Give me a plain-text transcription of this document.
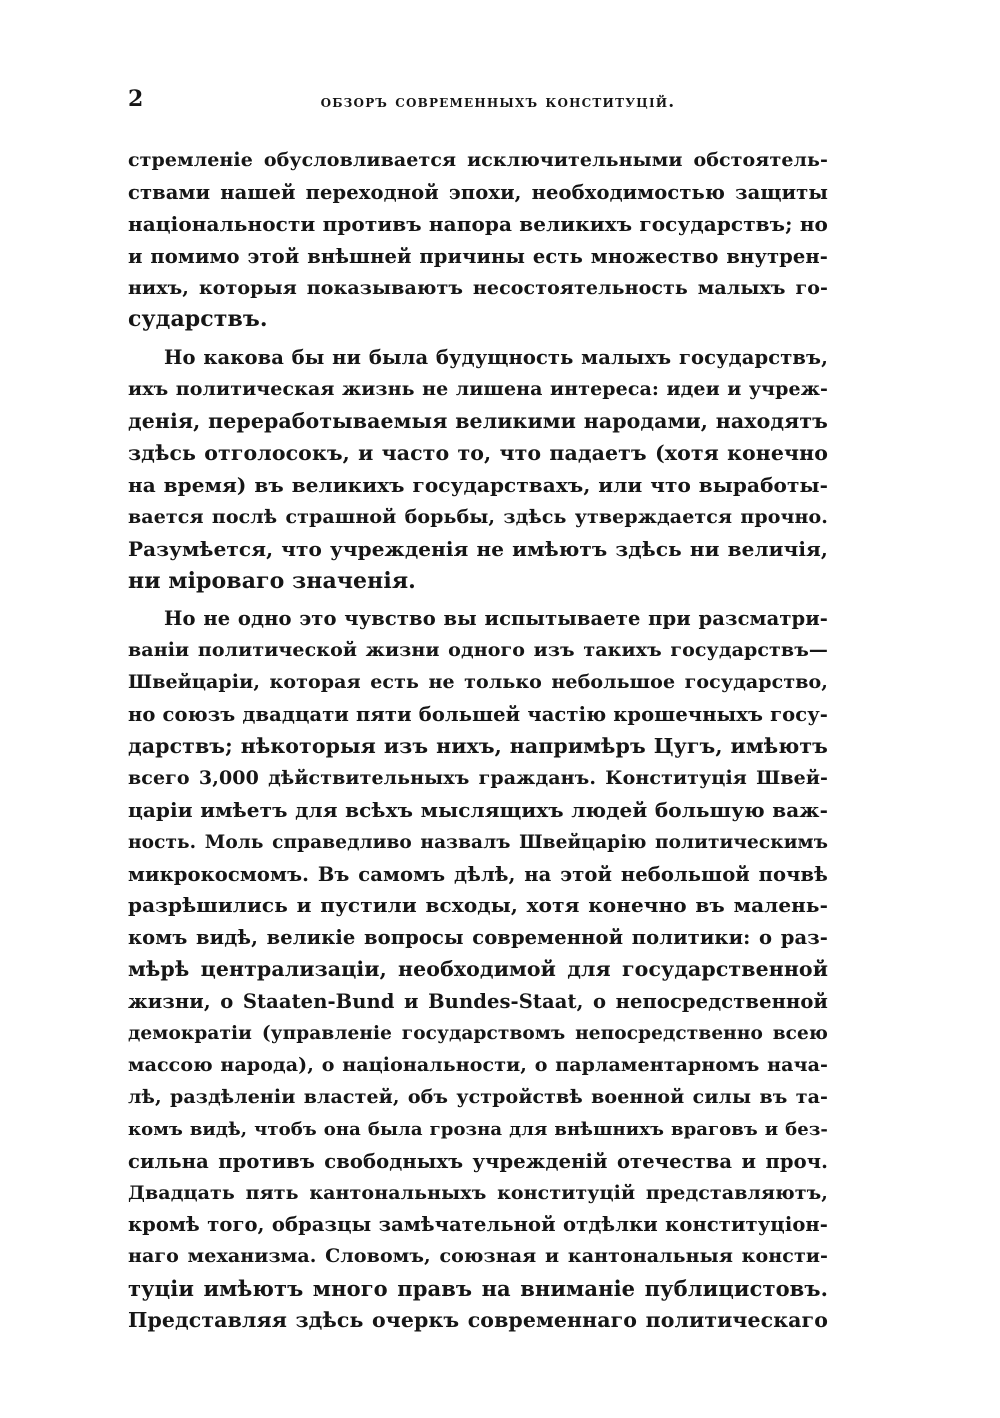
2	обзоръ современныхъ конституцій.
стремленіе обусловливается исключительными обстоятель-
ствами нашей переходной эпохи, необходимостью защиты
національности противъ напора великихъ государствъ; но
и помимо этой внѣшней причины есть множество внутрен-
нихъ, которыя показываютъ несостоятельность малыхъ го-
сударствъ.
Но какова бы ни была будущность малыхъ государствъ,
ихъ политическая жизнь не лишена интереса: идеи и учреж-
денія, переработываемыя великими народами, находятъ
здѣсь отголосокъ, и часто то, что падаетъ (хотя конечно
на время) въ великихъ государствахъ, или что выработы-
вается послѣ страшной борьбы, здѣсь утверждается прочно.
Разумѣется, что учрежденія не имѣютъ здѣсь ни величія,
ни міроваго значенія.
Но не одно это чувство вы испытываете при разсматри-
ваніи политической жизни одного изъ такихъ государствъ—
Швейцаріи, которая есть не только небольшое государство,
но союзъ двадцати пяти большей частію крошечныхъ госу-
дарствъ; нѣкоторыя изъ нихъ, напримѣръ Цугъ, имѣютъ
всего 3,000 дѣйствительныхъ гражданъ. Конституція Швей-
царіи имѣетъ для всѣхъ мыслящихъ людей большую важ-
ность. Моль справедливо назвалъ Швейцарію политическимъ
микрокосмомъ. Въ самомъ дѣлѣ, на этой небольшой почвѣ
разрѣшились и пустили всходы, хотя конечно въ малень-
комъ видѣ, великіе вопросы современной политики: о раз-
мѣрѣ централизаціи, необходимой для государственной
жизни, о Staaten-Bund и Bundes-Staat, о непосредственной
демократіи (управленіе государствомъ непосредственно всею
массою народа), о національности, о парламентарномъ нача-
лѣ, раздѣленіи властей, объ устройствѣ военной силы въ та-
комъ видѣ, чтобъ она была грозна для внѣшнихъ враговъ и без-
сильна противъ свободныхъ учрежденій отечества и проч.
Двадцать пять кантональныхъ конституцій представляютъ,
кромѣ того, образцы замѣчательной отдѣлки конституціон-
наго механизма. Словомъ, союзная и кантональныя консти-
туціи имѣютъ много правъ на вниманіе публицистовъ.
Представляя здѣсь очеркъ современнаго политическаго
